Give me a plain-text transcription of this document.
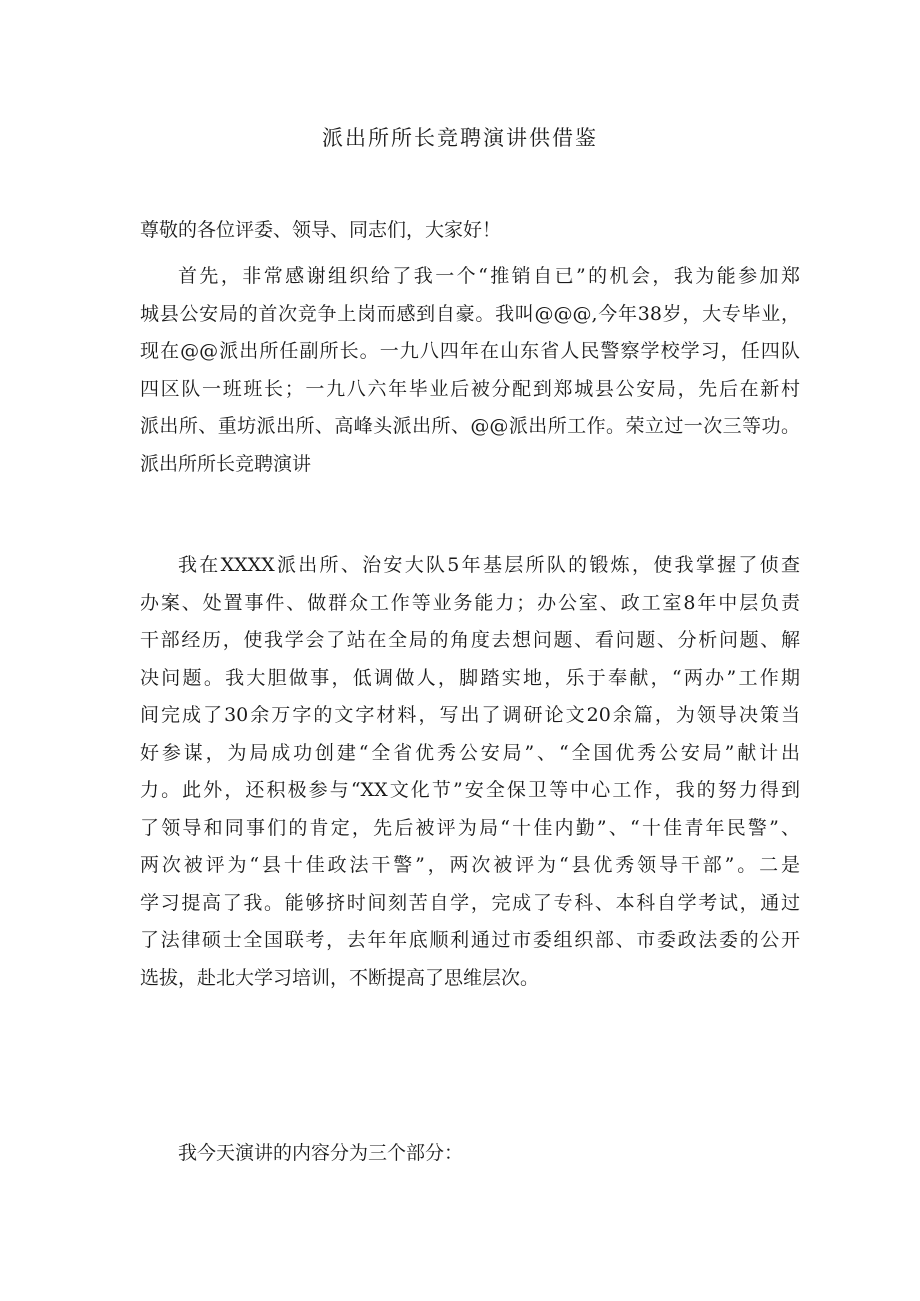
派出所所长竞聘演讲供借鉴
尊敬的各位评委、领导、同志们，大家好！
首先，非常感谢组织给了我一个“推销自已”的机会，我为能参加郑
城县公安局的首次竞争上岗而感到自豪。我叫@@@,今年38岁，大专毕业，
现在@@派出所任副所长。一九八四年在山东省人民警察学校学习，任四队
四区队一班班长；一九八六年毕业后被分配到郑城县公安局，先后在新村
派出所、重坊派出所、高峰头派出所、@@派出所工作。荣立过一次三等功。
派出所所长竞聘演讲
我在XXXX派出所、治安大队5年基层所队的锻炼，使我掌握了侦查
办案、处置事件、做群众工作等业务能力；办公室、政工室8年中层负责
干部经历，使我学会了站在全局的角度去想问题、看问题、分析问题、解
决问题。我大胆做事，低调做人，脚踏实地，乐于奉献，“两办”工作期
间完成了30余万字的文字材料，写出了调研论文20余篇，为领导决策当
好参谋，为局成功创建“全省优秀公安局”、“全国优秀公安局”献计出
力。此外，还积极参与“XX文化节”安全保卫等中心工作，我的努力得到
了领导和同事们的肯定，先后被评为局“十佳内勤”、“十佳青年民警”、
两次被评为“县十佳政法干警”，两次被评为“县优秀领导干部”。二是
学习提高了我。能够挤时间刻苦自学，完成了专科、本科自学考试，通过
了法律硕士全国联考，去年年底顺利通过市委组织部、市委政法委的公开
选拔，赴北大学习培训，不断提高了思维层次。
我今天演讲的内容分为三个部分：
